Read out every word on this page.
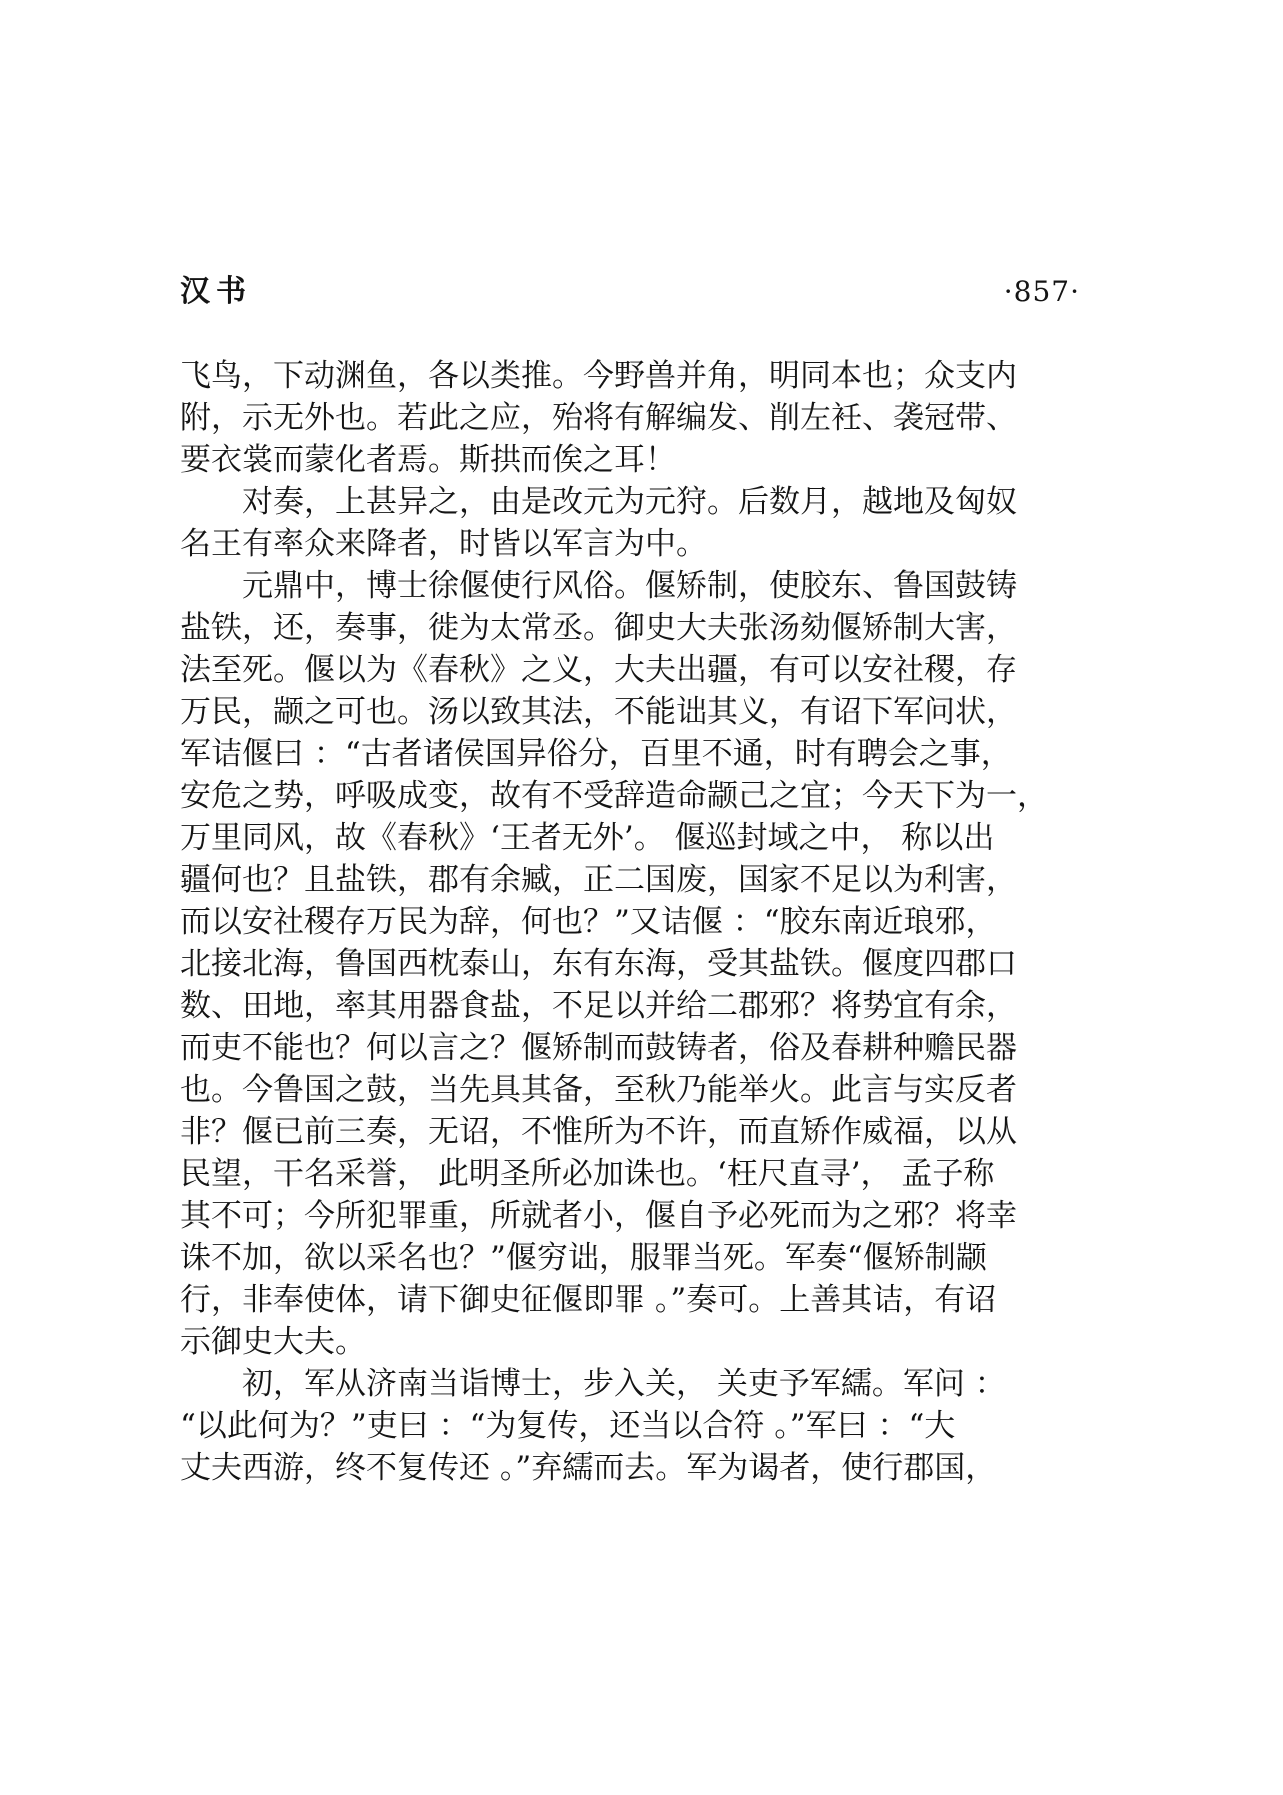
汉书	·857·
飞鸟，下动渊鱼，各以类推。今野兽并角，明同本也；众支内
附，示无外也。若此之应，殆将有解编发、削左衽、袭冠带、
要衣裳而蒙化者焉。斯拱而俟之耳！
　　对奏，上甚异之，由是改元为元狩。后数月，越地及匈奴
名王有率众来降者，时皆以军言为中。
　　元鼎中，博士徐偃使行风俗。偃矫制，使胶东、鲁国鼓铸
盐铁，还，奏事，徙为太常丞。御史大夫张汤劾偃矫制大害，
法至死。偃以为《春秋》之义，大夫出疆，有可以安社稷，存
万民，颛之可也。汤以致其法，不能诎其义，有诏下军问状，
军诘偃曰 ：“古者诸侯国异俗分，百里不通，时有聘会之事，
安危之势，呼吸成变，故有不受辞造命颛己之宜；今天下为一，
万里同风，故《春秋》‘王者无外’。 偃巡封域之中， 称以出
疆何也？且盐铁，郡有余臧，正二国废，国家不足以为利害，
而以安社稷存万民为辞，何也？”又诘偃 ：“胶东南近琅邪，
北接北海，鲁国西枕泰山，东有东海，受其盐铁。偃度四郡口
数、田地，率其用器食盐，不足以并给二郡邪？将势宜有余，
而吏不能也？何以言之？偃矫制而鼓铸者，俗及春耕种赡民器
也。今鲁国之鼓，当先具其备，至秋乃能举火。此言与实反者
非？偃已前三奏，无诏，不惟所为不许，而直矫作威福，以从
民望，干名采誉， 此明圣所必加诛也。‘枉尺直寻’， 孟子称
其不可；今所犯罪重，所就者小，偃自予必死而为之邪？将幸
诛不加，欲以采名也？”偃穷诎，服罪当死。军奏“偃矫制颛
行，非奉使体，请下御史征偃即罪 。”奏可。上善其诘，有诏
示御史大夫。
　　初，军从济南当诣博士，步入关， 关吏予军繻。军问 ：
“以此何为？”吏曰 ：“为复传，还当以合符 。”军曰 ：“大
丈夫西游，终不复传还 。”弃繻而去。军为谒者，使行郡国，
